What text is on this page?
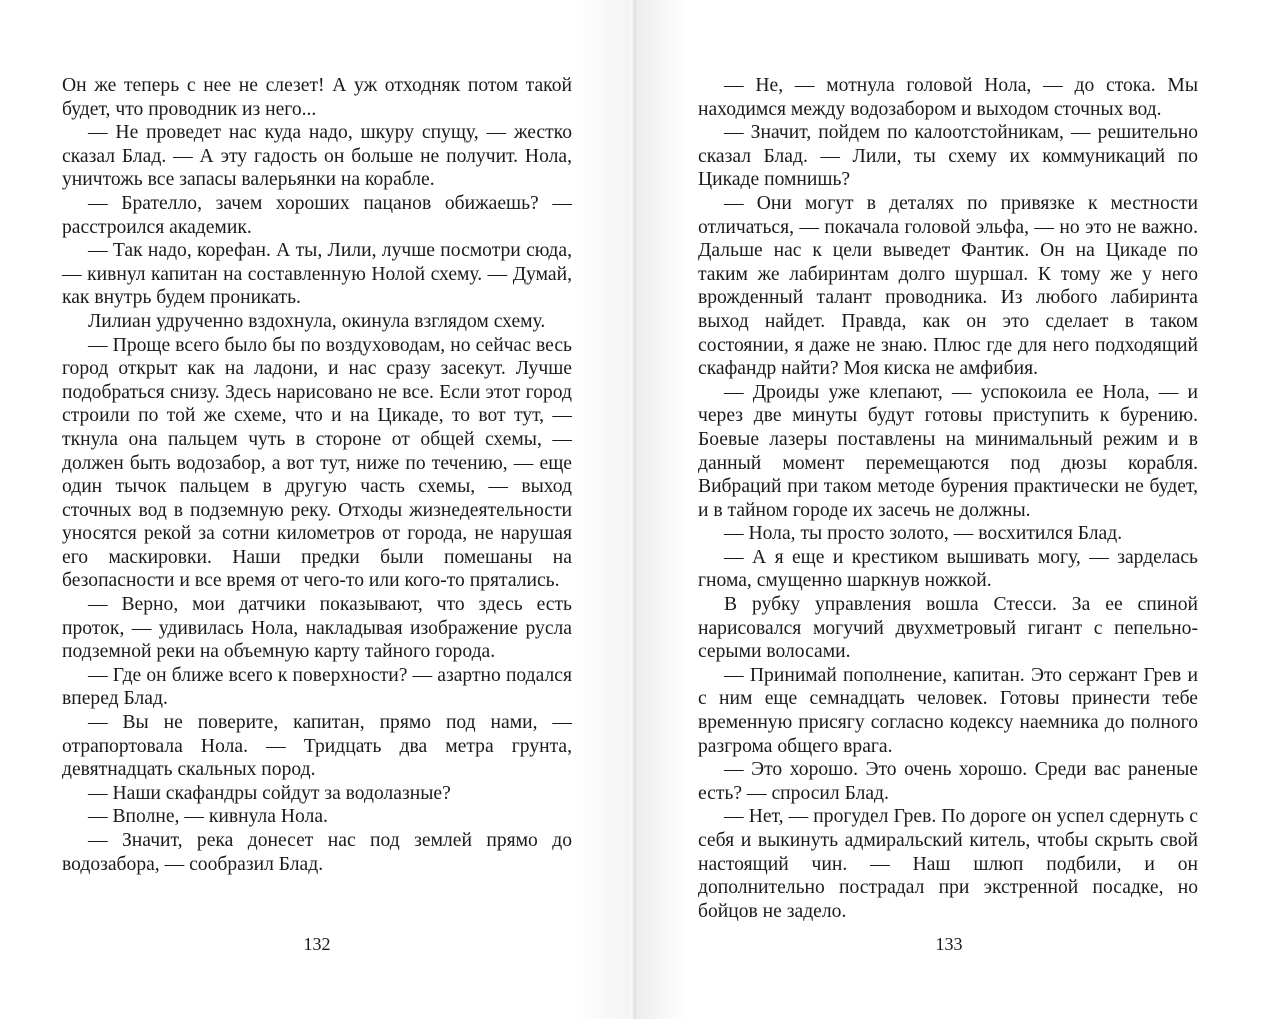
Он же теперь с нее не слезет! А уж отходняк потом такой будет, что проводник из него...

— Не проведет нас куда надо, шкуру спущу, — жестко сказал Блад. — А эту гадость он больше не получит. Нола, уничтожь все запасы валерьянки на корабле.

— Брателло, зачем хороших пацанов обижаешь? — расстроился академик.

— Так надо, корефан. А ты, Лили, лучше посмотри сюда, — кивнул капитан на составленную Нолой схему. — Думай, как внутрь будем проникать.

Лилиан удрученно вздохнула, окинула взглядом схему.

— Проще всего было бы по воздуховодам, но сейчас весь город открыт как на ладони, и нас сразу засекут. Лучше подобраться снизу. Здесь нарисовано не все. Если этот город строили по той же схеме, что и на Цикаде, то вот тут, — ткнула она пальцем чуть в стороне от общей схемы, — должен быть водозабор, а вот тут, ниже по течению, — еще один тычок пальцем в другую часть схемы, — выход сточных вод в подземную реку. Отходы жизнедеятельности уносятся рекой за сотни километров от города, не нарушая его маскировки. Наши предки были помешаны на безопасности и все время от чего-то или кого-то прятались.

— Верно, мои датчики показывают, что здесь есть проток, — удивилась Нола, накладывая изображение русла подземной реки на объемную карту тайного города.

— Где он ближе всего к поверхности? — азартно подался вперед Блад.

— Вы не поверите, капитан, прямо под нами, — отрапортовала Нола. — Тридцать два метра грунта, девятнадцать скальных пород.

— Наши скафандры сойдут за водолазные?

— Вполне, — кивнула Нола.

— Значит, река донесет нас под землей прямо до водозабора, — сообразил Блад.

132

— Не, — мотнула головой Нола, — до стока. Мы находимся между водозабором и выходом сточных вод.

— Значит, пойдем по калоотстойникам, — решительно сказал Блад. — Лили, ты схему их коммуникаций по Цикаде помнишь?

— Они могут в деталях по привязке к местности отличаться, — покачала головой эльфа, — но это не важно. Дальше нас к цели выведет Фантик. Он на Цикаде по таким же лабиринтам долго шуршал. К тому же у него врожденный талант проводника. Из любого лабиринта выход найдет. Правда, как он это сделает в таком состоянии, я даже не знаю. Плюс где для него подходящий скафандр найти? Моя киска не амфибия.

— Дроиды уже клепают, — успокоила ее Нола, — и через две минуты будут готовы приступить к бурению. Боевые лазеры поставлены на минимальный режим и в данный момент перемещаются под дюзы корабля. Вибраций при таком методе бурения практически не будет, и в тайном городе их засечь не должны.

— Нола, ты просто золото, — восхитился Блад.

— А я еще и крестиком вышивать могу, — зарделась гнома, смущенно шаркнув ножкой.

В рубку управления вошла Стесси. За ее спиной нарисовался могучий двухметровый гигант с пепельно-серыми волосами.

— Принимай пополнение, капитан. Это сержант Грев и с ним еще семнадцать человек. Готовы принести тебе временную присягу согласно кодексу наемника до полного разгрома общего врага.

— Это хорошо. Это очень хорошо. Среди вас раненые есть? — спросил Блад.

— Нет, — прогудел Грев. По дороге он успел сдернуть с себя и выкинуть адмиральский китель, чтобы скрыть свой настоящий чин. — Наш шлюп подбили, и он дополнительно пострадал при экстренной посадке, но бойцов не задело.

133
